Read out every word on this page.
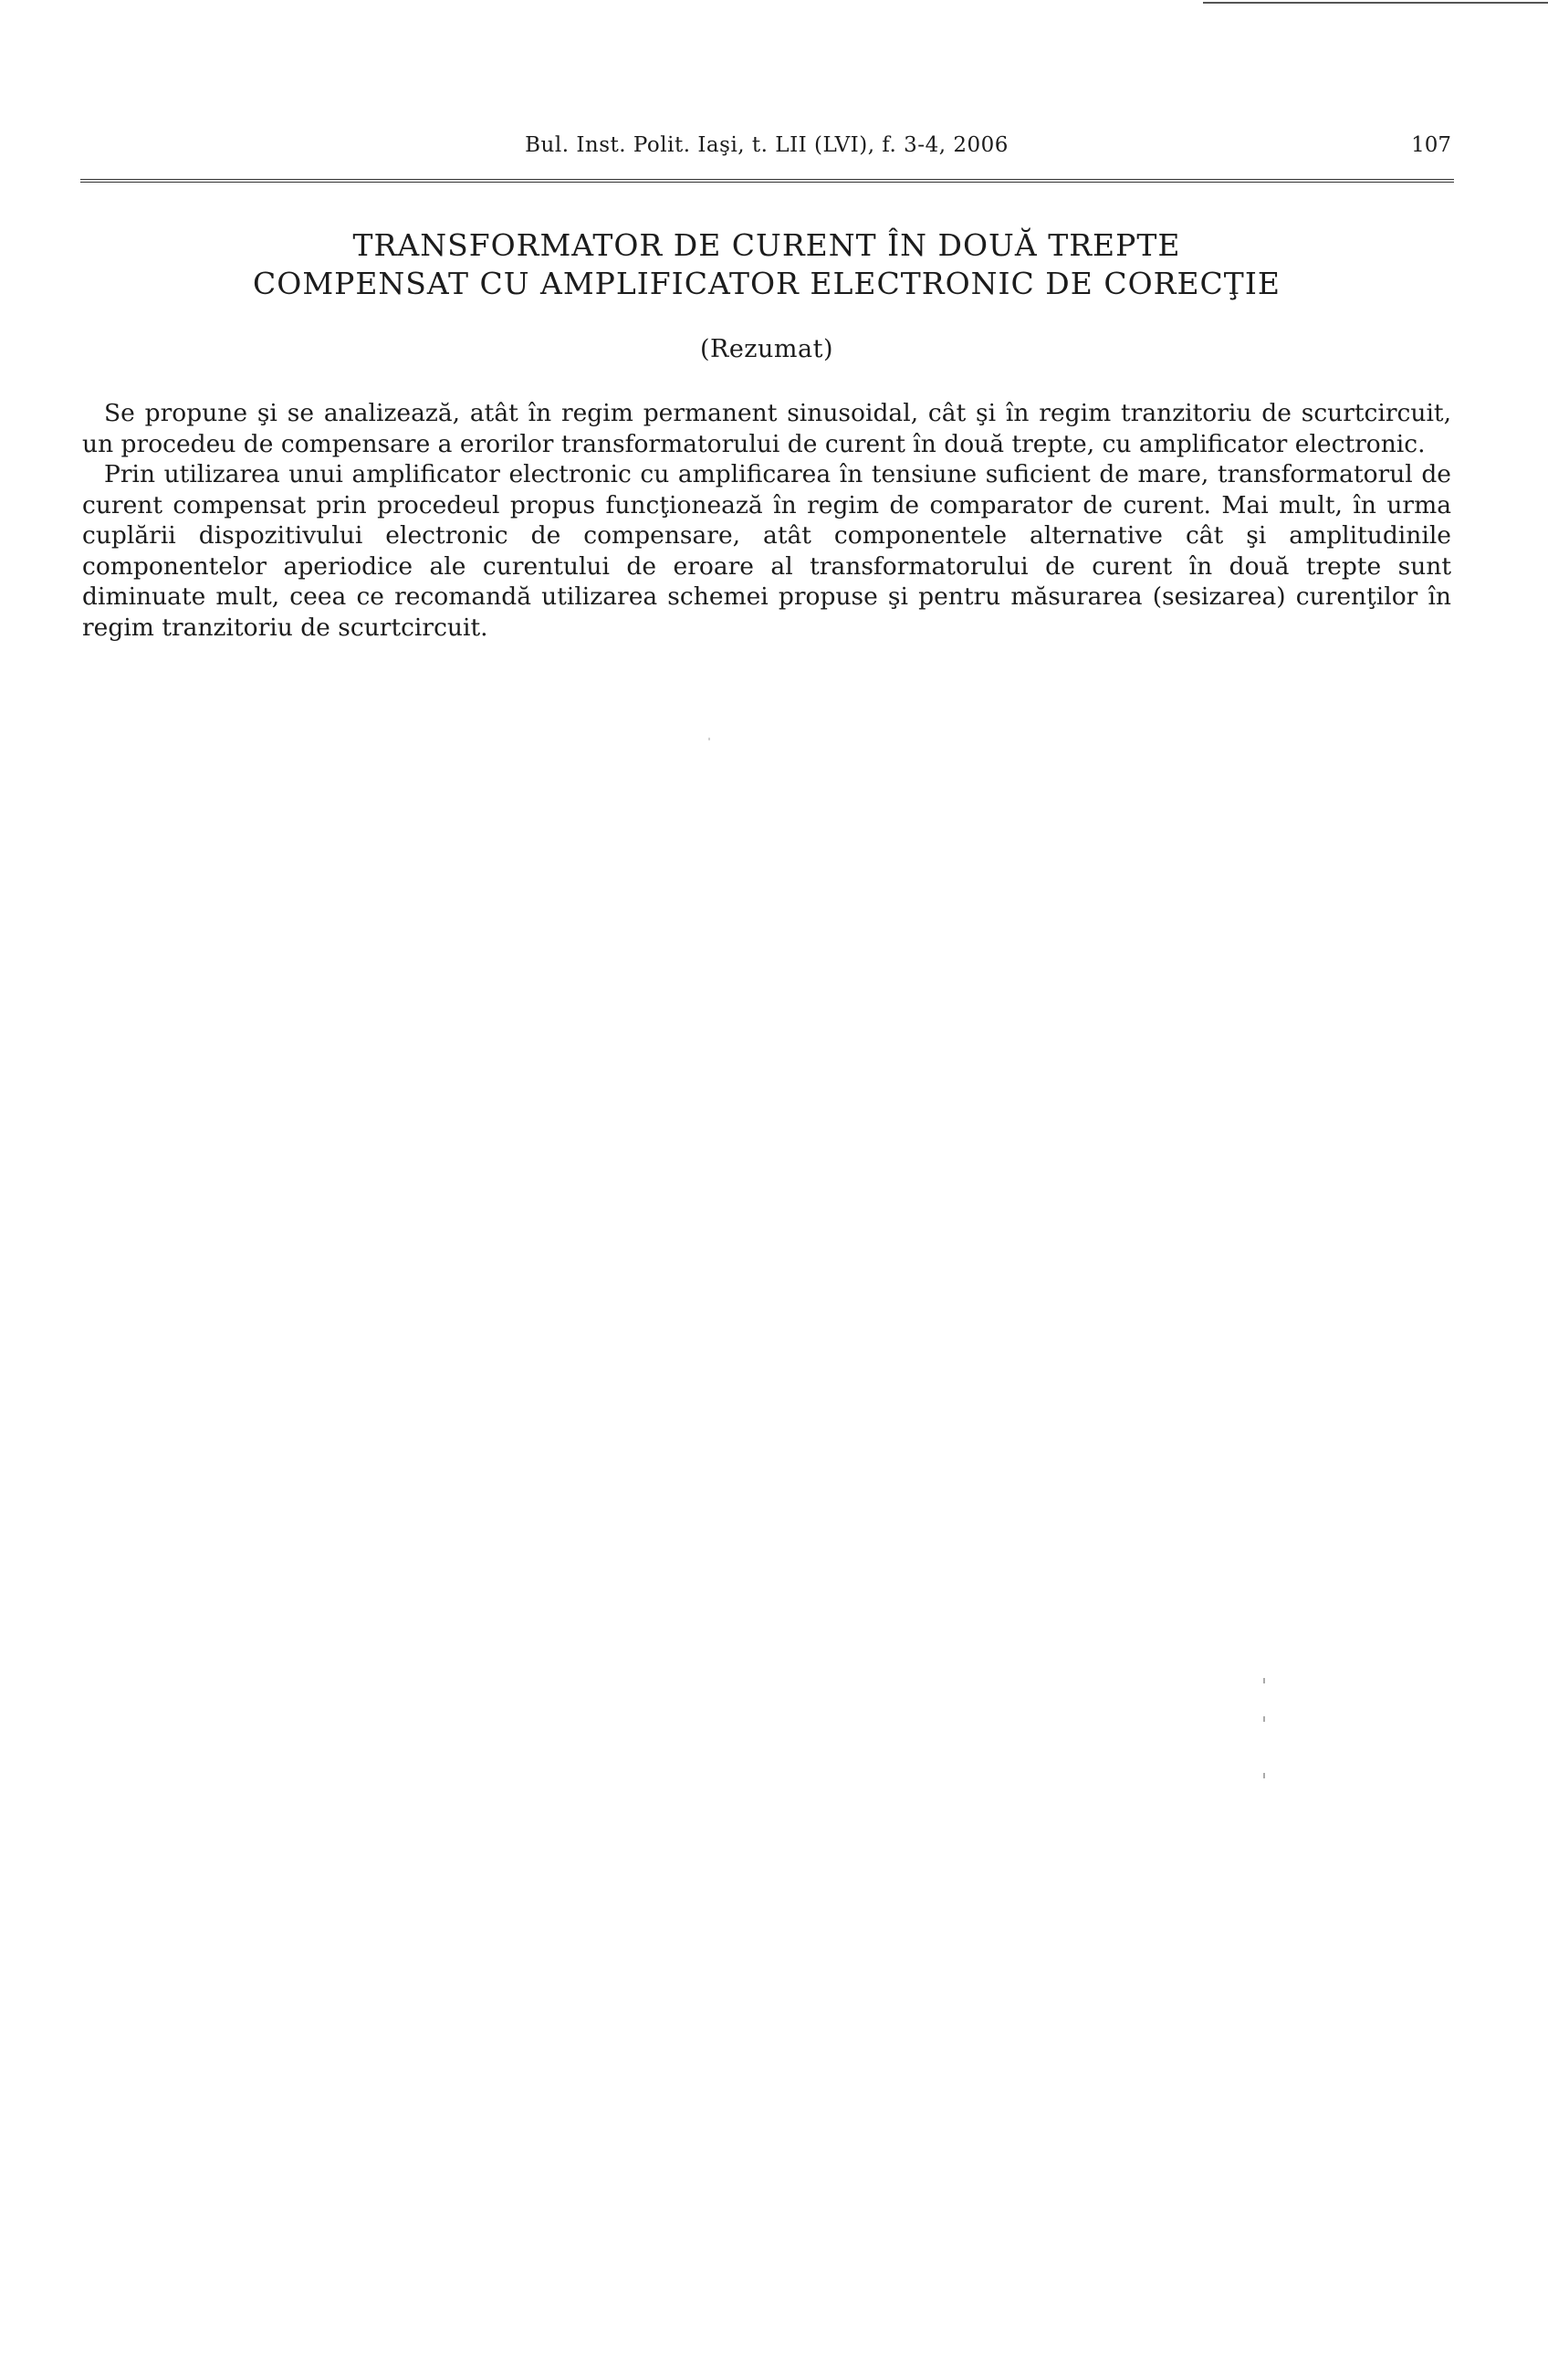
Bul. Inst. Polit. Iaşi, t. LII (LVI), f. 3-4, 2006	107
TRANSFORMATOR DE CURENT ÎN DOUĂ TREPTE
COMPENSAT CU AMPLIFICATOR ELECTRONIC DE CORECŢIE
(Rezumat)

Se propune şi se analizează, atât în regim permanent sinusoidal, cât şi în regim tranzitoriu de scurtcircuit, un procedeu de compensare a erorilor transformatorului de curent în două trepte, cu amplificator electronic.

Prin utilizarea unui amplificator electronic cu amplificarea în tensiune suficient de mare, transformatorul de curent compensat prin procedeul propus funcţionează în regim de comparator de curent. Mai mult, în urma cuplării dispozitivului electronic de compensare, atât componentele alternative cât şi amplitudinile componentelor aperiodice ale curentului de eroare al transformatorului de curent în două trepte sunt diminuate mult, ceea ce recomandă utilizarea schemei propuse şi pentru măsurarea (sesizarea) curenţilor în regim tranzitoriu de scurtcircuit.
